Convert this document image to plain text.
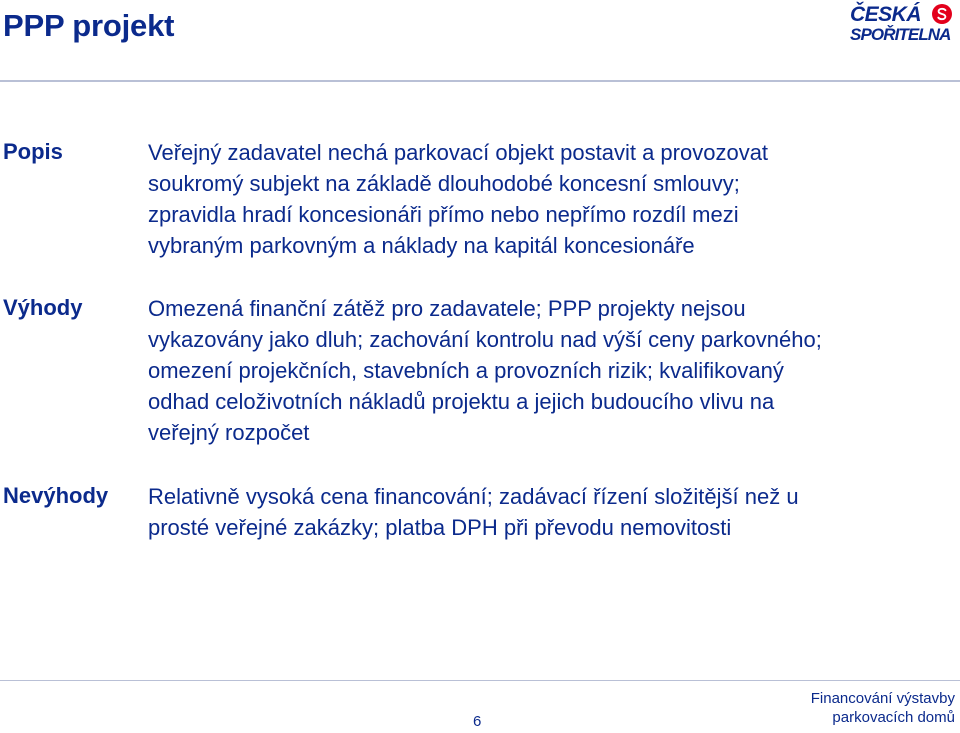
PPP projekt	ČESKÁ
SPOŘITELNA
Popis	Veřejný zadavatel nechá parkovací objekt postavit a provozovat
soukromý subjekt na základě dlouhodobé koncesní smlouvy;
zpravidla hradí koncesionáři přímo nebo nepřímo rozdíl mezi
vybraným parkovným a náklady na kapitál koncesionáře
Výhody	Omezená finanční zátěž pro zadavatele; PPP projekty nejsou
vykazovány jako dluh; zachování kontrolu nad výší ceny parkovného;
omezení projekčních, stavebních a provozních rizik; kvalifikovaný
odhad celoživotních nákladů projektu a jejich budoucího vlivu na
veřejný rozpočet
Nevýhody Relativně vysoká cena financování; zadávací řízení složitější než u
prosté veřejné zakázky; platba DPH při převodu nemovitosti
6
Financování výstavby
parkovacích domů
